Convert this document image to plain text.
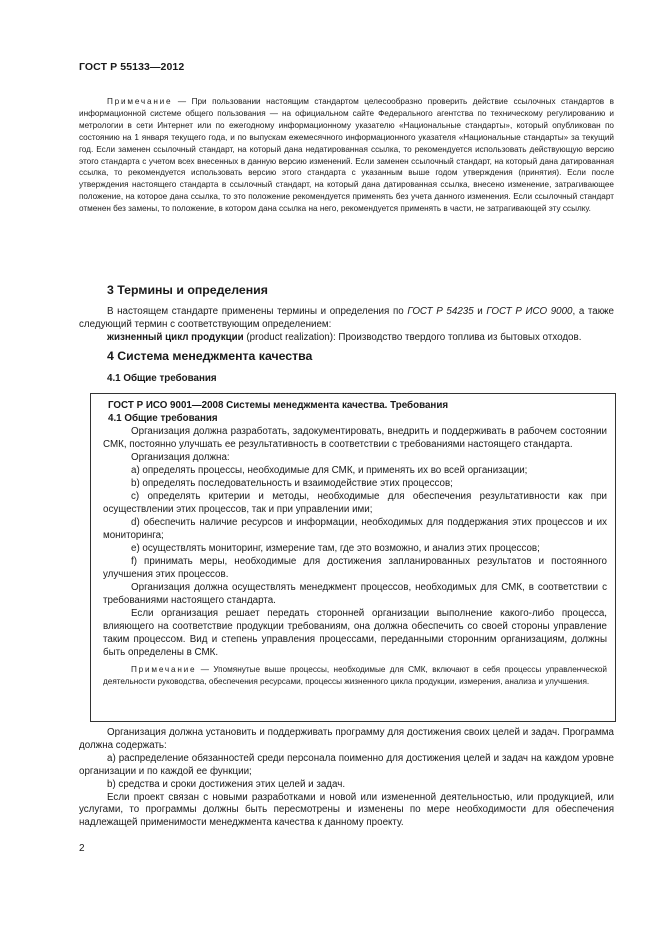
ГОСТ Р 55133—2012

Примечание — При пользовании настоящим стандартом целесообразно проверить действие ссылочных стандартов в информационной системе общего пользования — на официальном сайте Федерального агентства по техническому регулированию и метрологии в сети Интернет или по ежегодному информационному указателю «Национальные стандарты», который опубликован по состоянию на 1 января текущего года, и по выпускам ежемесячного информационного указателя «Национальные стандарты» за текущий год. Если заменен ссылочный стандарт, на который дана недатированная ссылка, то рекомендуется использовать действующую версию этого стандарта с учетом всех внесенных в данную версию изменений. Если заменен ссылочный стандарт, на который дана датированная ссылка, то рекомендуется использовать версию этого стандарта с указанным выше годом утверждения (принятия). Если после утверждения настоящего стандарта в ссылочный стандарт, на который дана датированная ссылка, внесено изменение, затрагивающее положение, на которое дана ссылка, то это положение рекомендуется применять без учета данного изменения. Если ссылочный стандарт отменен без замены, то положение, в котором дана ссылка на него, рекомендуется применять в части, не затрагивающей эту ссылку.

3 Термины и определения

В настоящем стандарте применены термины и определения по ГОСТ Р 54235 и ГОСТ Р ИСО 9000, а также следующий термин с соответствующим определением:

жизненный цикл продукции (product realization): Производство твердого топлива из бытовых отходов.

4 Система менеджмента качества
4.1 Общие требования
ГОСТ Р ИСО 9001—2008 Системы менеджмента качества. Требования
4.1 Общие требования

Организация должна разработать, задокументировать, внедрить и поддерживать в рабочем состоянии СМК, постоянно улучшать ее результативность в соответствии с требованиями настоящего стандарта.

Организация должна:

а) определять процессы, необходимые для СМК, и применять их во всей организации;

b) определять последовательность и взаимодействие этих процессов;

c) определять критерии и методы, необходимые для обеспечения результативности как при осуществлении этих процессов, так и при управлении ими;

d) обеспечить наличие ресурсов и информации, необходимых для поддержания этих процессов и их мониторинга;

e) осуществлять мониторинг, измерение там, где это возможно, и анализ этих процессов;

f) принимать меры, необходимые для достижения запланированных результатов и постоянного улучшения этих процессов.

Организация должна осуществлять менеджмент процессов, необходимых для СМК, в соответствии с требованиями настоящего стандарта.

Если организация решает передать сторонней организации выполнение какого-либо процесса, влияющего на соответствие продукции требованиям, она должна обеспечить со своей стороны управление таким процессом. Вид и степень управления процессами, переданными сторонним организациям, должны быть определены в СМК.

Примечание — Упомянутые выше процессы, необходимые для СМК, включают в себя процессы управленческой деятельности руководства, обеспечения ресурсами, процессы жизненного цикла продукции, измерения, анализа и улучшения.

Организация должна установить и поддерживать программу для достижения своих целей и задач. Программа должна содержать:

а) распределение обязанностей среди персонала поименно для достижения целей и задач на каждом уровне организации и по каждой ее функции;

b) средства и сроки достижения этих целей и задач.

Если проект связан с новыми разработками и новой или измененной деятельностью, или продукцией, или услугами, то программы должны быть пересмотрены и изменены по мере необходимости для обеспечения надлежащей применимости менеджмента качества к данному проекту.

2
